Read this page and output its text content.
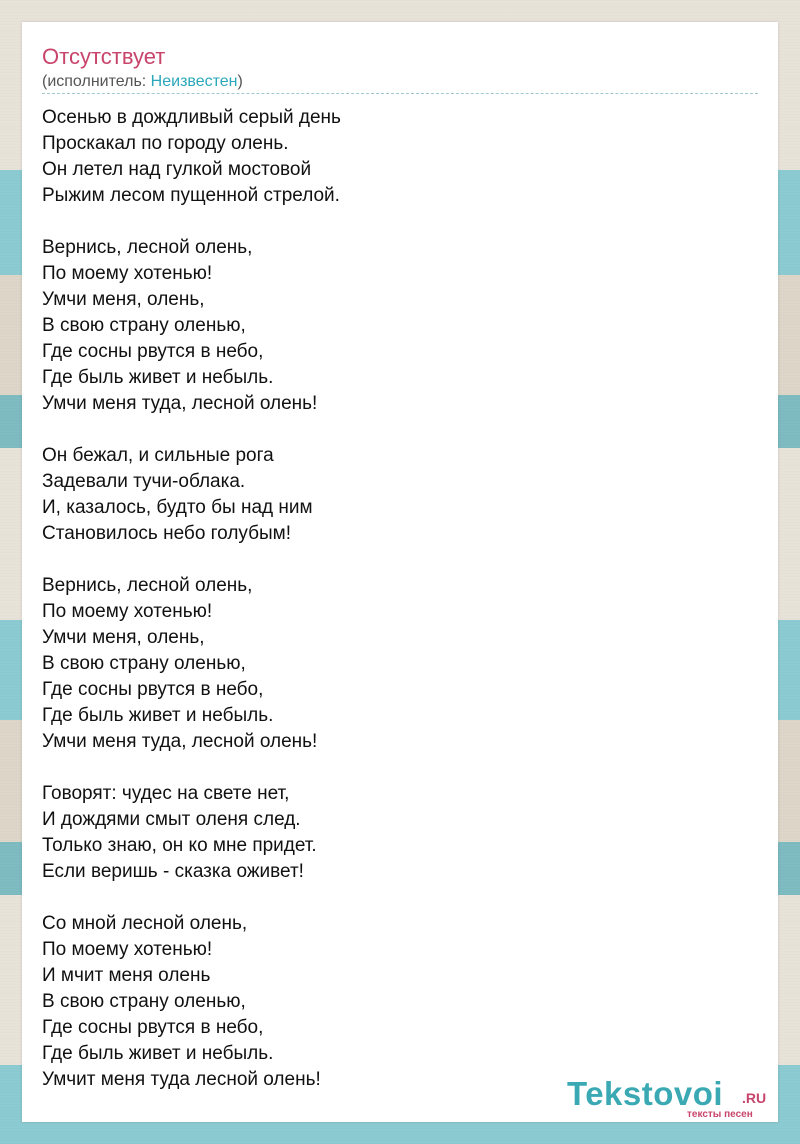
Отсутствует
(исполнитель: Неизвестен)
Осенью в дождливый серый день
Проскакал по городу олень.
Он летел над гулкой мостовой
Рыжим лесом пущенной стрелой.
Вернись, лесной олень,
По моему хотенью!
Умчи меня, олень,
В свою страну оленью,
Где сосны рвутся в небо,
Где быль живет и небыль.
Умчи меня туда, лесной олень!
Он бежал, и сильные рога
Задевали тучи-облака.
И, казалось, будто бы над ним
Становилось небо голубым!
Вернись, лесной олень,
По моему хотенью!
Умчи меня, олень,
В свою страну оленью,
Где сосны рвутся в небо,
Где быль живет и небыль.
Умчи меня туда, лесной олень!
Говорят: чудес на свете нет,
И дождями смыт оленя след.
Только знаю, он ко мне придет.
Если веришь - сказка оживет!
Со мной лесной олень,
По моему хотенью!
И мчит меня олень
В свою страну оленью,
Где сосны рвутся в небо,
Где быль живет и небыль.
Умчит меня туда лесной олень!	Tekstovoi .RU
тексты песен
